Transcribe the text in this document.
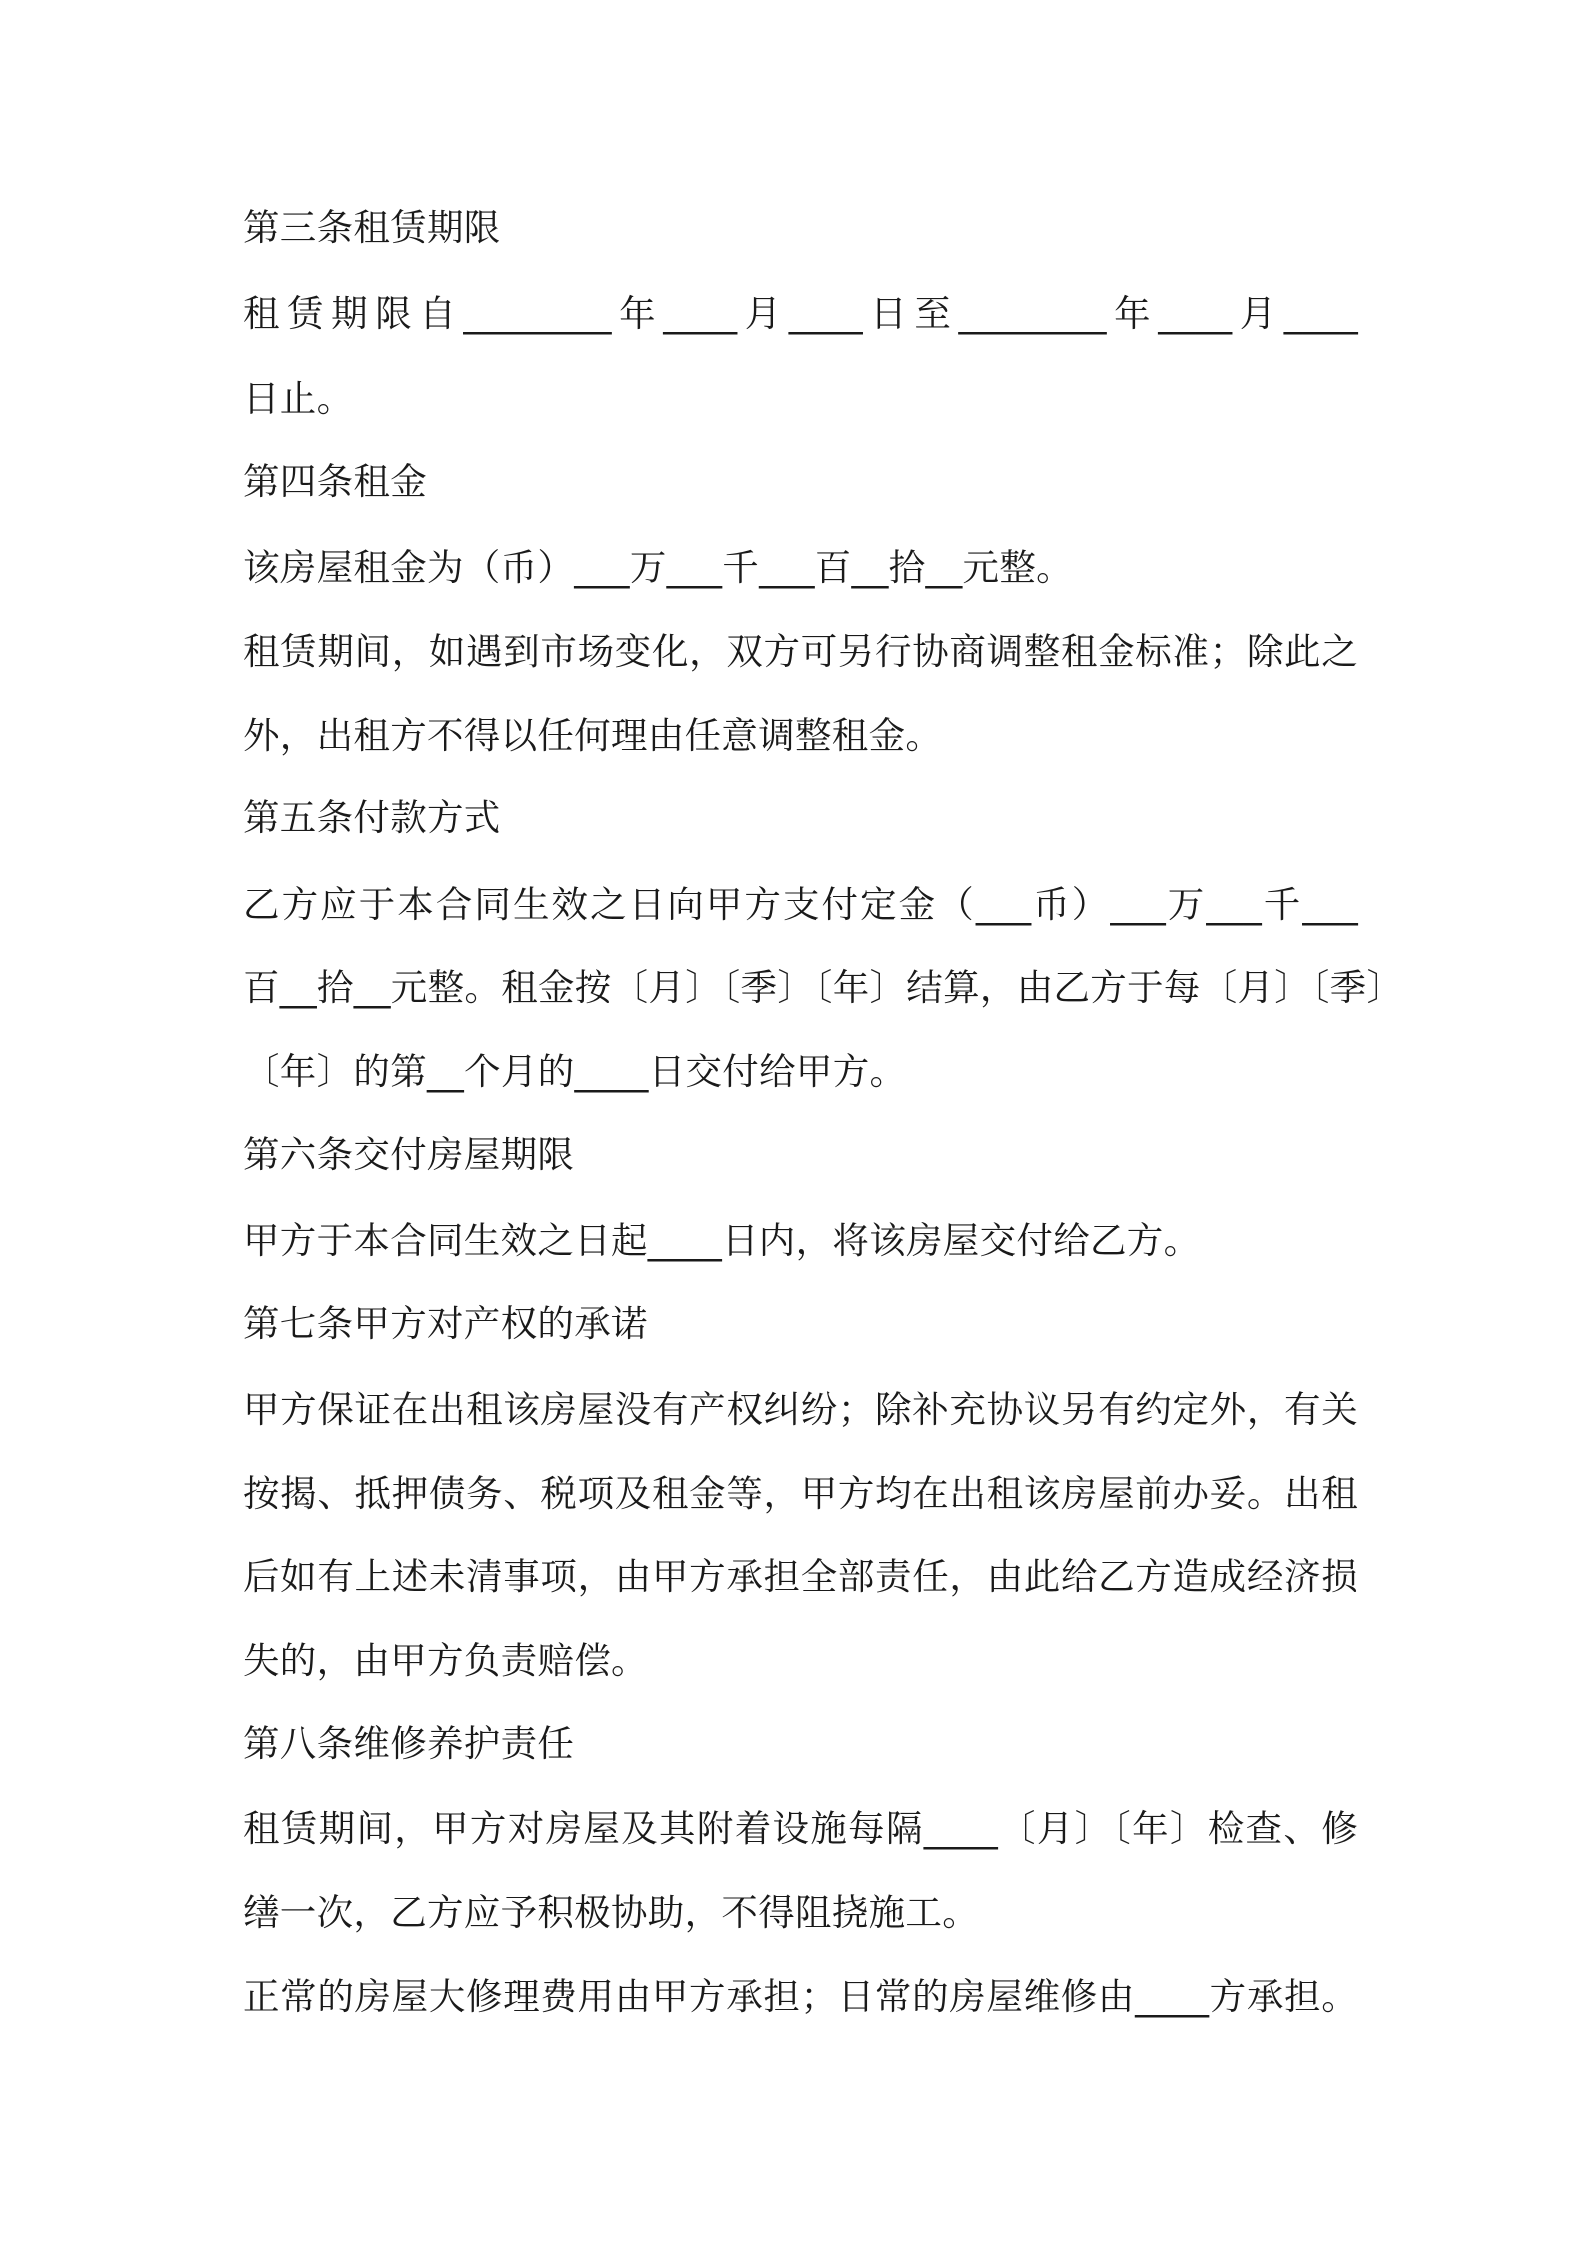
第三条租赁期限
租赁期限自________年____月____日至________年____月____
日止。
第四条租金
该房屋租金为（币）___万___千___百__拾__元整。
租赁期间，如遇到市场变化，双方可另行协商调整租金标准；除此之
外，出租方不得以任何理由任意调整租金。
第五条付款方式
乙方应于本合同生效之日向甲方支付定金（___币）___万___千___
百__拾__元整。租金按〔月〕〔季〕〔年〕结算，由乙方于每〔月〕〔季〕
〔年〕的第__个月的____日交付给甲方。
第六条交付房屋期限
甲方于本合同生效之日起____日内，将该房屋交付给乙方。
第七条甲方对产权的承诺
甲方保证在出租该房屋没有产权纠纷；除补充协议另有约定外，有关
按揭、抵押债务、税项及租金等，甲方均在出租该房屋前办妥。出租
后如有上述未清事项，由甲方承担全部责任，由此给乙方造成经济损
失的，由甲方负责赔偿。
第八条维修养护责任
租赁期间，甲方对房屋及其附着设施每隔____〔月〕〔年〕检查、修
缮一次，乙方应予积极协助，不得阻挠施工。
正常的房屋大修理费用由甲方承担；日常的房屋维修由____方承担。
